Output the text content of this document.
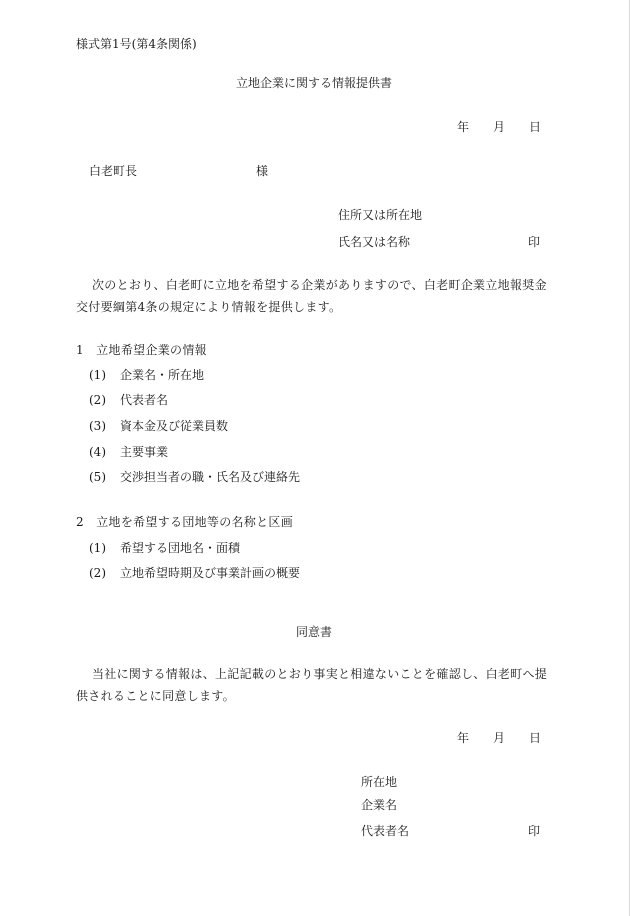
様式第1号(第4条関係)
立地企業に関する情報提供書
年 月 日
白老町長	様
住所又は所在地
氏名又は名称	印
次のとおり、白老町に立地を希望する企業がありますので、白老町企業立地報奨金交付要綱第4条の規定により情報を提供します。
1　立地希望企業の情報
(1) 企業名・所在地
(2) 代表者名
(3) 資本金及び従業員数
(4) 主要事業
(5) 交渉担当者の職・氏名及び連絡先
2　立地を希望する団地等の名称と区画
(1) 希望する団地名・面積
(2) 立地希望時期及び事業計画の概要
同意書
当社に関する情報は、上記記載のとおり事実と相違ないことを確認し、白老町へ提供されることに同意します。
年 月 日
所在地
企業名
代表者名	印
